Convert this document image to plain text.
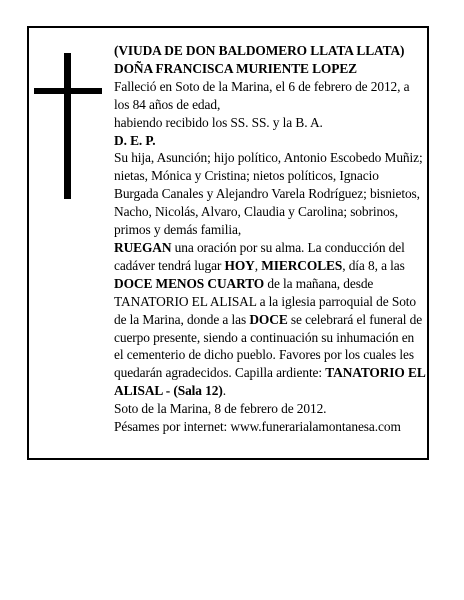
(VIUDA DE DON BALDOMERO LLATA LLATA)
DOÑA FRANCISCA MURIENTE LOPEZ
Falleció en Soto de la Marina, el 6 de febrero de 2012, a los 84 años de edad,
habiendo recibido los SS. SS. y la B. A.
D. E. P.
Su hija, Asunción; hijo político, Antonio Escobedo Muñiz; nietas, Mónica y Cristina; nietos políticos, Ignacio Burgada Canales y Alejandro Varela Rodríguez; bisnietos, Nacho, Nicolás, Alvaro, Claudia y Carolina; sobrinos, primos y demás familia,
RUEGAN una oración por su alma. La conducción del cadáver tendrá lugar HOY, MIERCOLES, día 8, a las DOCE MENOS CUARTO de la mañana, desde TANATORIO EL ALISAL a la iglesia parroquial de Soto de la Marina, donde a las DOCE se celebrará el funeral de cuerpo presente, siendo a continuación su inhumación en el cementerio de dicho pueblo. Favores por los cuales les quedarán agradecidos. Capilla ardiente: TANATORIO EL ALISAL - (Sala 12).
Soto de la Marina, 8 de febrero de 2012.
Pésames por internet: www.funerarialamontanesa.com
